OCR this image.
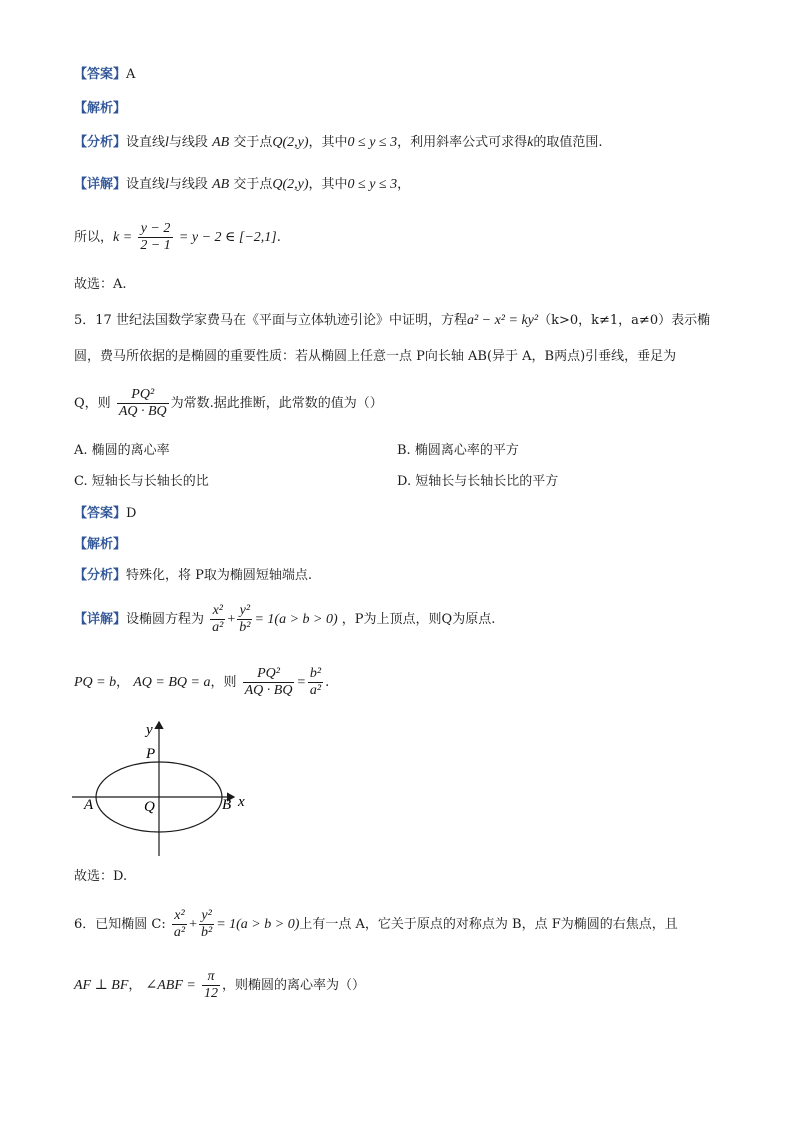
【答案】A
【解析】
【分析】设直线l与线段 AB 交于点Q(2,y)，其中0 ≤ y ≤ 3，利用斜率公式可求得k的取值范围.
【详解】设直线l与线段 AB 交于点Q(2,y)，其中0 ≤ y ≤ 3，
所以，$k = \frac{y - 2}{2 - 1} = y - 2$ ∈ [−2,1].
故选：A.
5．17 世纪法国数学家费马在《平面与立体轨迹引论》中证明，方程a² − x² = ky²（k>0，k≠1，a≠0）表示椭
圆，费马所依据的是椭圆的重要性质：若从椭圆上任意一点 P向长轴 AB(异于 A，B两点)引垂线，垂足为
Q，则 $\frac{\text{PQ²}}{AQ \cdot BQ}$ 为常数.据此推断，此常数的值为（）
A. 椭圆的离心率	B. 椭圆离心率的平方
C. 短轴长与长轴长的比	D. 短轴长与长轴长比的平方
【答案】D
【解析】
【分析】特殊化，将 P取为椭圆短轴端点.
【详解】设椭圆方程为 $\frac{\text{x²}}{\text{a²}} + \frac{\text{y²}}{\text{b²}} = 1(a > b > 0)$ ，P为上顶点，则Q为原点.
PQ = b， AQ = BQ = a，则 $\frac{\text{PQ²}}{AQ \cdot BQ} = \frac{\text{b²}}{\text{a²}}$ .
y
x
P
A	Q	B
故选：D.
6．已知椭圆 C: $\frac{\text{x²}}{\text{a²}} + \frac{\text{y²}}{\text{b²}} = 1(a > b > 0)$上有一点 A，它关于原点的对称点为 B，点 F为椭圆的右焦点，且
AF ⊥ BF， ∠ABF = $\frac{\pi}{12}$ ，则椭圆的离心率为（）
